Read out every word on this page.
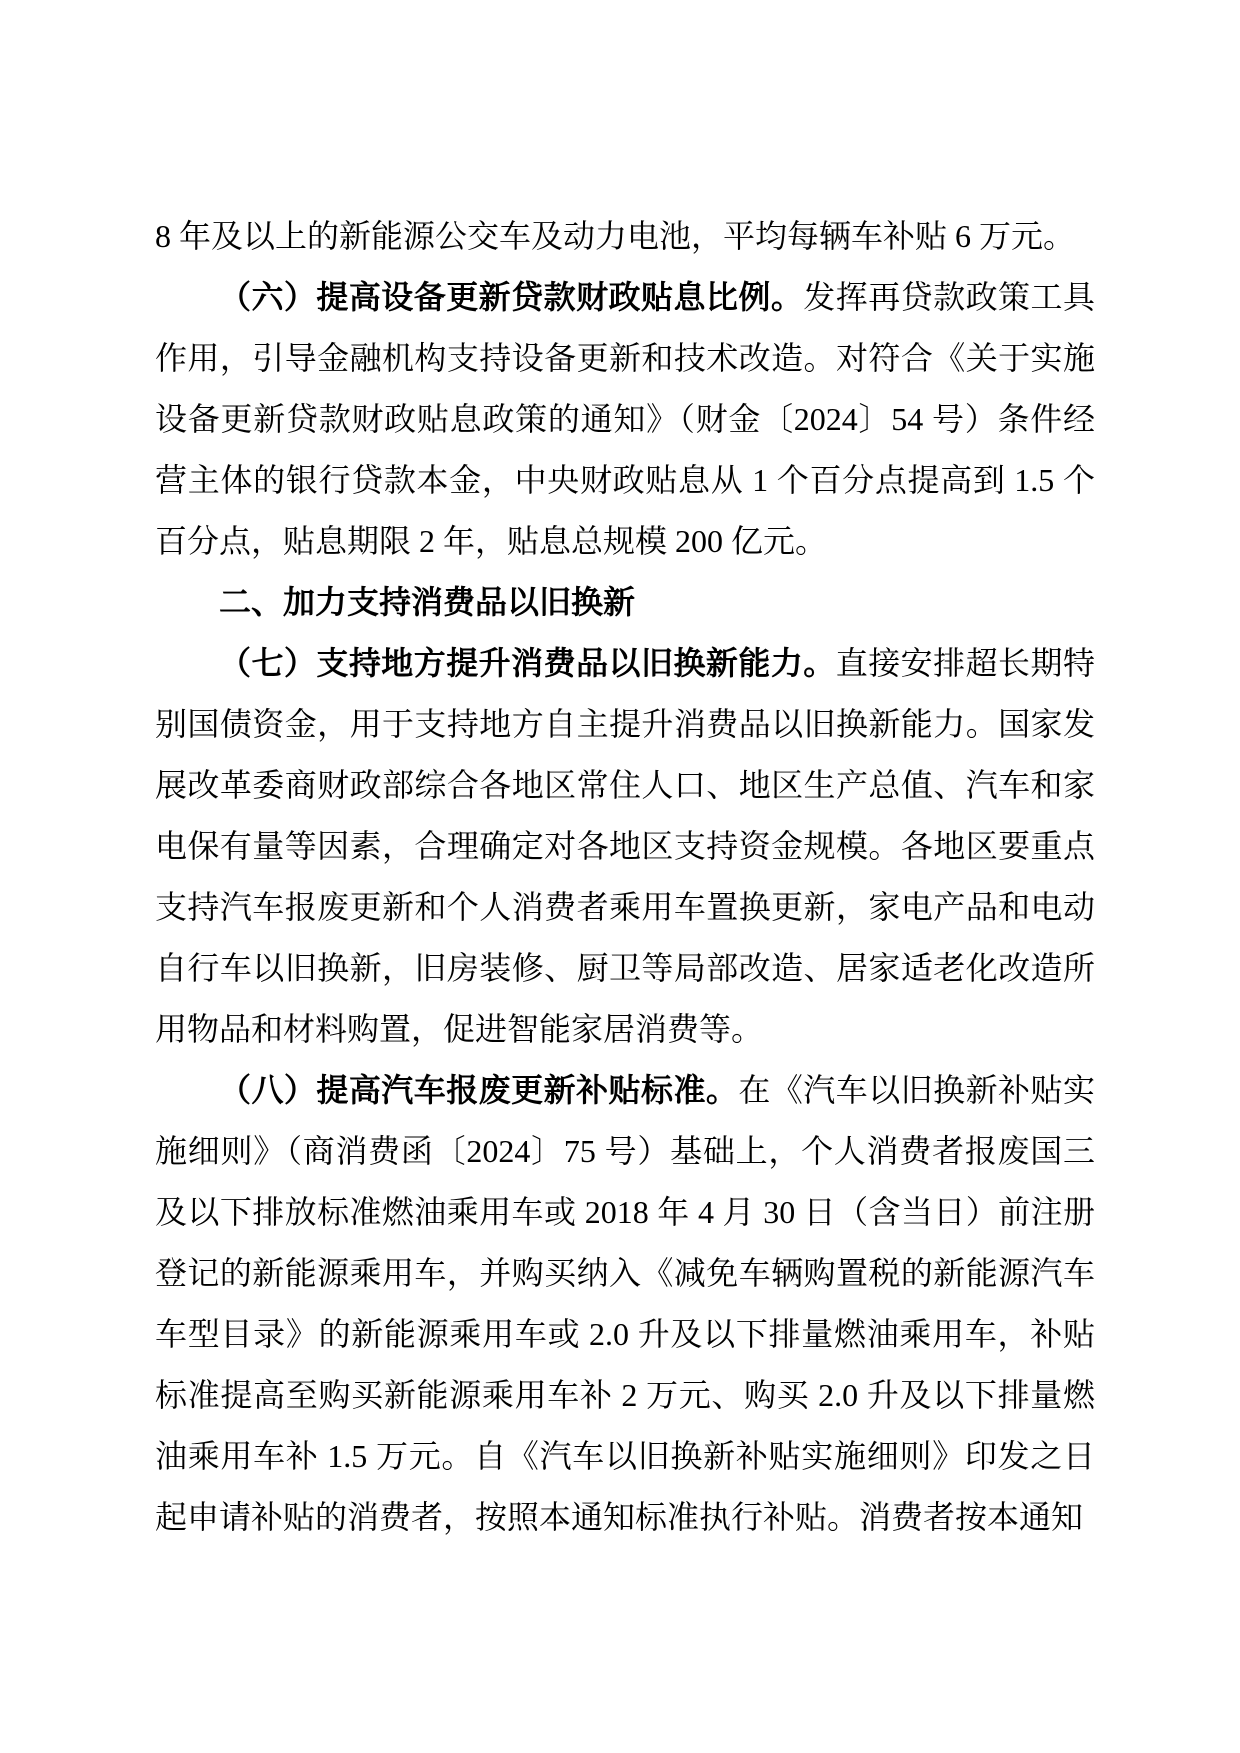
8 年及以上的新能源公交车及动力电池，平均每辆车补贴 6 万元。

（六）提高设备更新贷款财政贴息比例。发挥再贷款政策工具作用，引导金融机构支持设备更新和技术改造。对符合《关于实施设备更新贷款财政贴息政策的通知》（财金〔2024〕54 号）条件经营主体的银行贷款本金，中央财政贴息从 1 个百分点提高到 1.5 个百分点，贴息期限 2 年，贴息总规模 200 亿元。

二、加力支持消费品以旧换新

（七）支持地方提升消费品以旧换新能力。直接安排超长期特别国债资金，用于支持地方自主提升消费品以旧换新能力。国家发展改革委商财政部综合各地区常住人口、地区生产总值、汽车和家电保有量等因素，合理确定对各地区支持资金规模。各地区要重点支持汽车报废更新和个人消费者乘用车置换更新，家电产品和电动自行车以旧换新，旧房装修、厨卫等局部改造、居家适老化改造所用物品和材料购置，促进智能家居消费等。

（八）提高汽车报废更新补贴标准。在《汽车以旧换新补贴实施细则》（商消费函〔2024〕75 号）基础上，个人消费者报废国三及以下排放标准燃油乘用车或 2018 年 4 月 30 日（含当日）前注册登记的新能源乘用车，并购买纳入《减免车辆购置税的新能源汽车车型目录》的新能源乘用车或 2.0 升及以下排量燃油乘用车，补贴标准提高至购买新能源乘用车补 2 万元、购买 2.0 升及以下排量燃油乘用车补 1.5 万元。自《汽车以旧换新补贴实施细则》印发之日起申请补贴的消费者，按照本通知标准执行补贴。消费者按本通知
